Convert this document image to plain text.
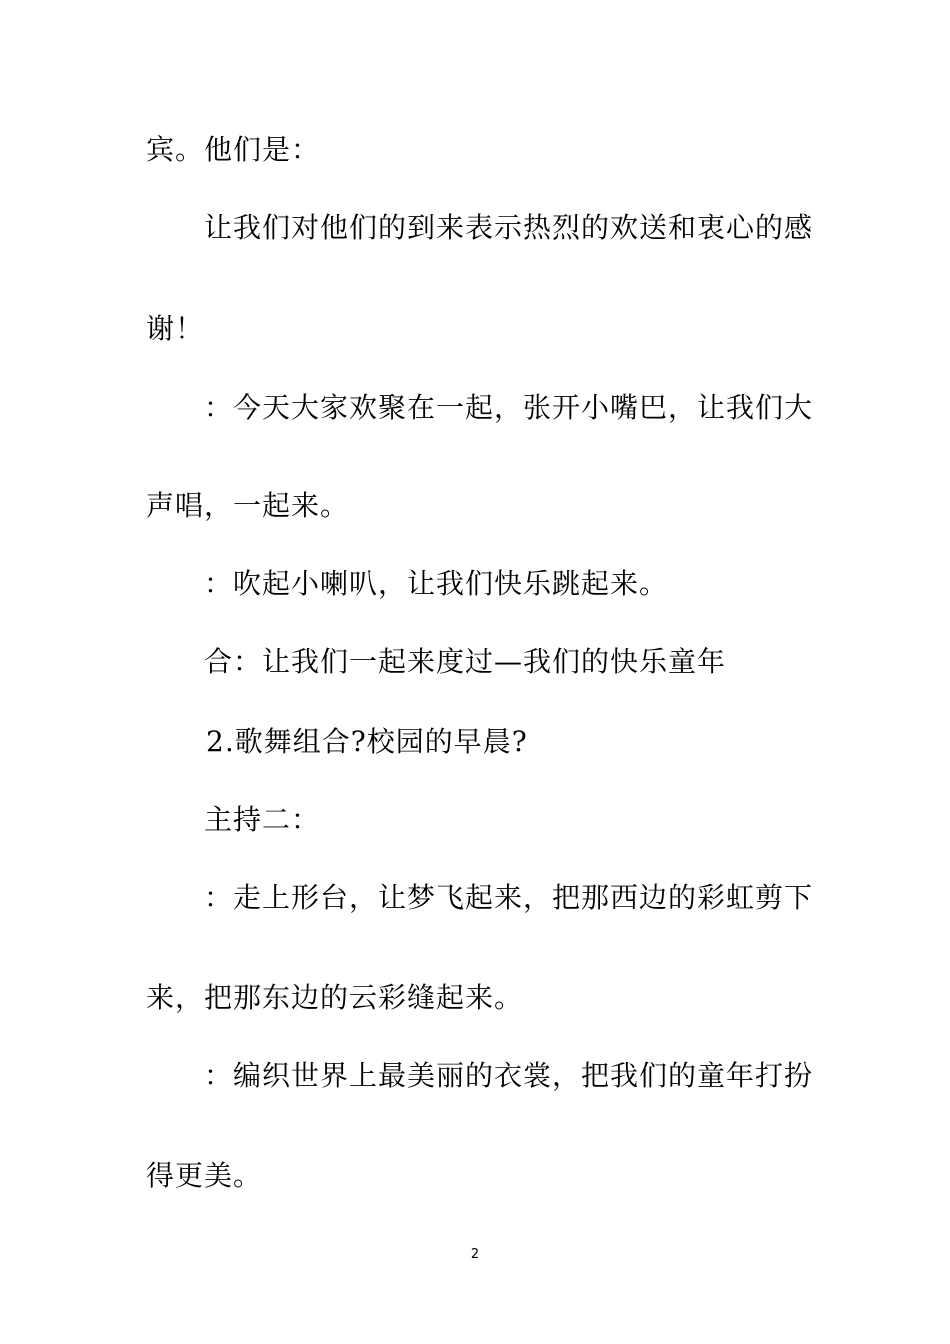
宾。他们是：
让我们对他们的到来表示热烈的欢送和衷心的感
谢！
：今天大家欢聚在一起，张开小嘴巴，让我们大
声唱，一起来。
：吹起小喇叭，让我们快乐跳起来。
合：让我们一起来度过—我们的快乐童年
2.歌舞组合?校园的早晨?
主持二：
：走上形台，让梦飞起来，把那西边的彩虹剪下
来，把那东边的云彩缝起来。
：编织世界上最美丽的衣裳，把我们的童年打扮
得更美。
2
